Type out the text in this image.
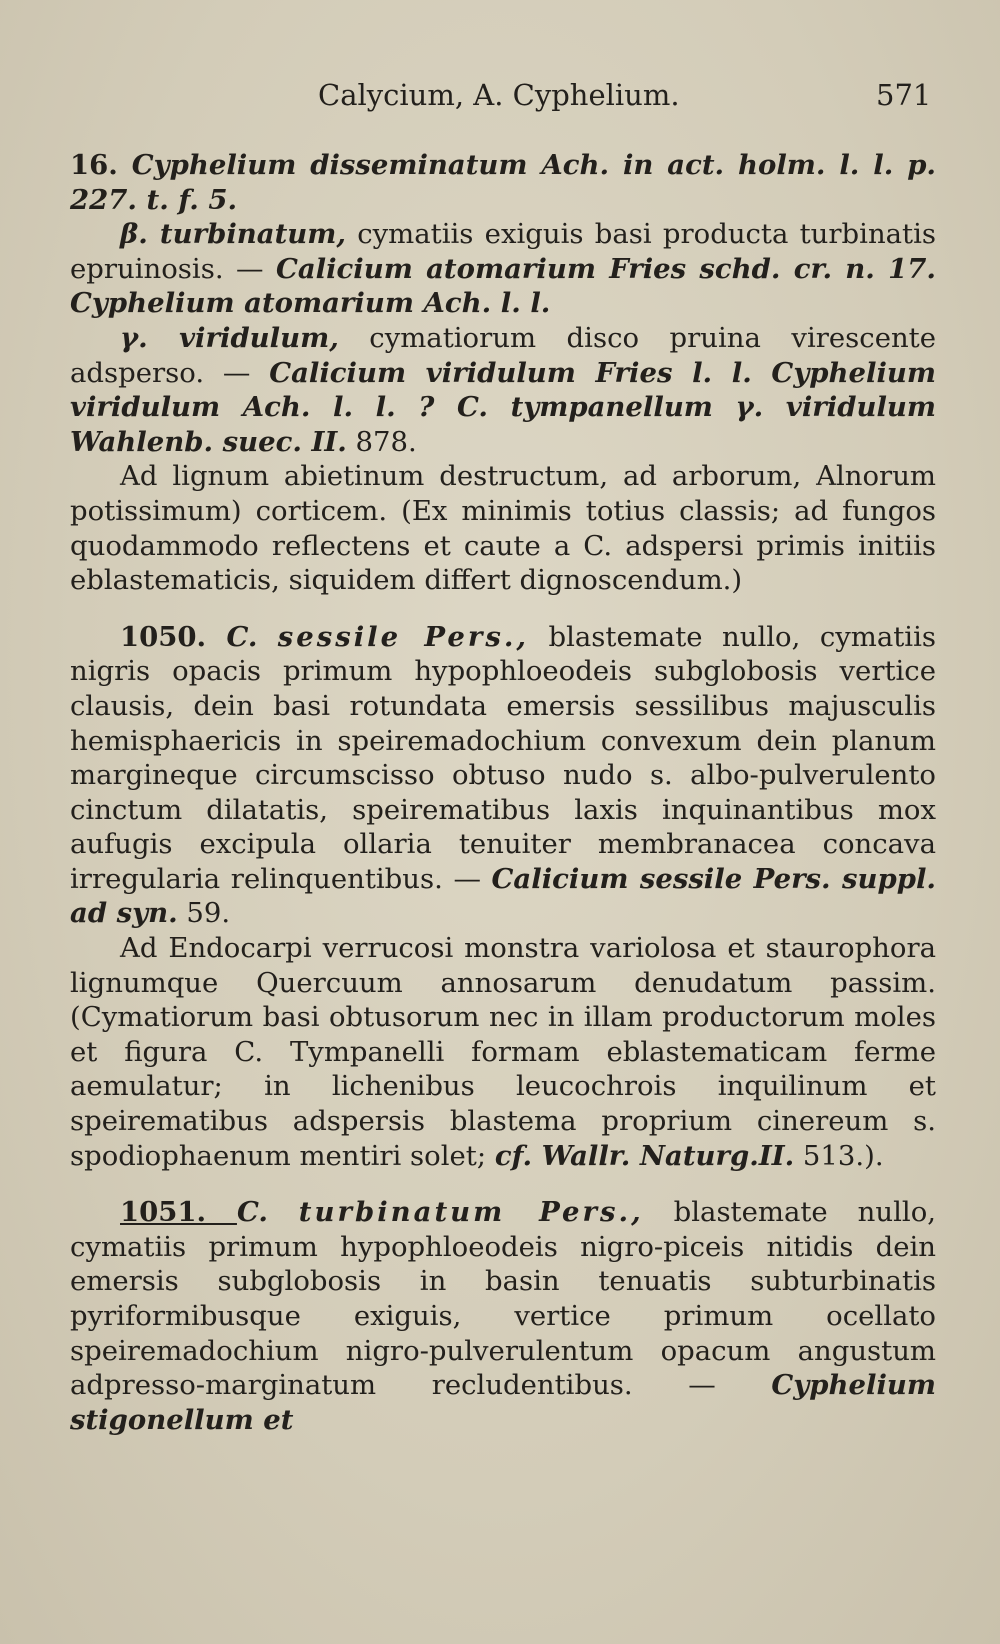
Calycium, A. Cyphelium.	571

16. Cyphelium disseminatum Ach. in act. holm. l. l. p. 227. t. f. 5.

β. turbinatum, cymatiis exiguis basi producta turbinatis epruinosis. — Calicium atomarium Fries schd. cr. n. 17. Cyphelium atomarium Ach. l. l.

γ. viridulum, cymatiorum disco pruina virescente adsperso. — Calicium viridulum Fries l. l. Cyphelium viridulum Ach. l. l. ? C. tympanellum γ. viridulum Wahlenb. suec. II. 878.

Ad lignum abietinum destructum, ad arborum, Alnorum potissimum) corticem. (Ex minimis totius classis; ad fungos quodammodo reflectens et caute a C. adspersi primis initiis eblastematicis, siquidem differt dignoscendum.)

1050. C. sessile Pers., blastemate nullo, cymatiis nigris opacis primum hypophloeodeis subglobosis vertice clausis, dein basi rotundata emersis sessilibus majusculis hemisphaericis in speiremadochium convexum dein planum margineque circumscisso obtuso nudo s. albo-pulverulento cinctum dilatatis, speirematibus laxis inquinantibus mox aufugis excipula ollaria tenuiter membranacea concava irregularia relinquentibus. — Calicium sessile Pers. suppl. ad syn. 59.

Ad Endocarpi verrucosi monstra variolosa et staurophora lignumque Quercuum annosarum denudatum passim. (Cymatiorum basi obtusorum nec in illam productorum moles et figura C. Tympanelli formam eblastematicam ferme aemulatur; in lichenibus leucochrois inquilinum et speirematibus adspersis blastema proprium cinereum s. spodiophaenum mentiri solet; cf. Wallr. Naturg.II. 513.).

1051. C. turbinatum Pers., blastemate nullo, cymatiis primum hypophloeodeis nigro-piceis nitidis dein emersis subglobosis in basin tenuatis subturbinatis pyriformibusque exiguis, vertice primum ocellato speiremadochium nigro-pulverulentum opacum angustum adpresso-marginatum recludentibus. — Cyphelium stigonellum et
